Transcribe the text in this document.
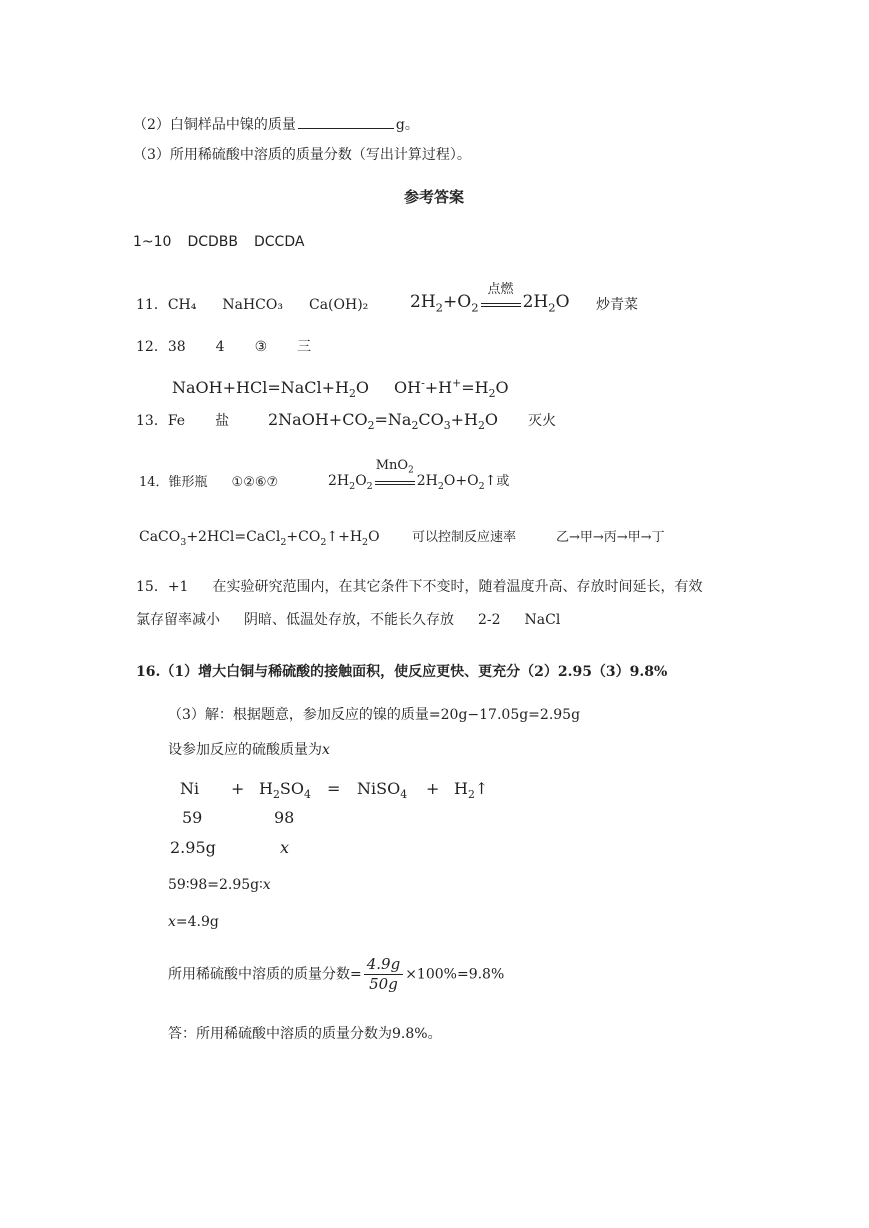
（2）白铜样品中镍的质量	g。
（3）所用稀硫酸中溶质的质量分数（写出计算过程）。
参考答案
1~10 DCDBB DCCDA
11．CH₄ NaHCO₃ Ca(OH)₂ $2H_2+O_2$
点燃
$2H_2O$ 炒青菜
12．38 4 ③ 三
$NaOH+HCl=NaCl+H_2O$ $OH^-+H^+=H_2O$
13．Fe 盐 $2NaOH+CO_2=Na_2CO_3+H_2O$ 灭火
14．锥形瓶 ①②⑥⑦	$2H_2O_2$
MnO$_2$
$2H_2O+O_2↑$或
$CaCO_3+2HCl=CaCl_2+CO_2↑+H_2O$ 可以控制反应速率	乙→甲→丙→甲→丁
15．+1 在实验研究范围内，在其它条件下不变时，随着温度升高、存放时间延长，有效
氯存留率减小 阴暗、低温处存放，不能长久存放 2-2 NaCl
16.（1）增大白铜与稀硫酸的接触面积，使反应更快、更充分（2）2.95（3）9.8%
（3）解：根据题意，参加反应的镍的质量=20g−17.05g=2.95g
设参加反应的硫酸质量为x
$Ni + H_2SO_4$ = NiSO$_4$ + $H_2↑$
59	98
2.95g	x
59∶98=2.95g∶x
x=4.9g
所用稀硫酸中溶质的质量分数= $\frac{4.9g}{50g} \times 100\%=9.8\%$
答：所用稀硫酸中溶质的质量分数为9.8%。
